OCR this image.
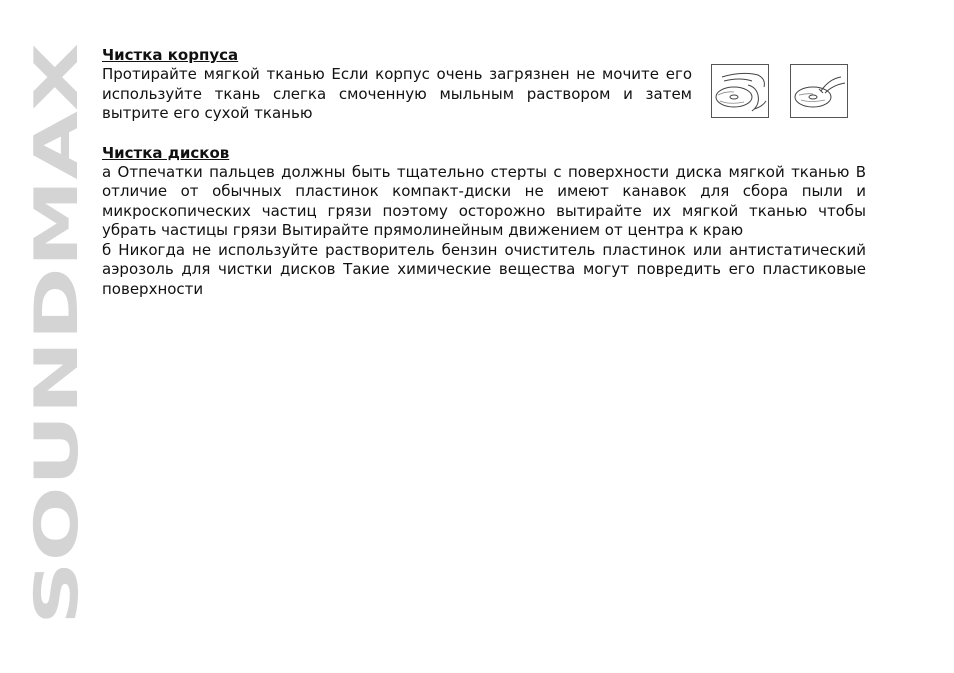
SOUNDMAX

Чистка корпуса

Протирайте мягкой тканью Если корпус очень загрязнен не мочите его используйте ткань слегка смоченную мыльным раствором и затем вытрите его сухой тканью

Чистка дисков

а Отпечатки пальцев должны быть тщательно стерты с поверхности диска мягкой тканью В отличие от обычных пластинок компакт-диски не имеют канавок для сбора пыли и микроскопических частиц грязи поэтому осторожно вытирайте их мягкой тканью чтобы убрать частицы грязи Вытирайте прямолинейным движением от центра к краю

б Никогда не используйте растворитель бензин очиститель пластинок или антистатический аэрозоль для чистки дисков Такие химические вещества могут повредить его пластиковые поверхности
